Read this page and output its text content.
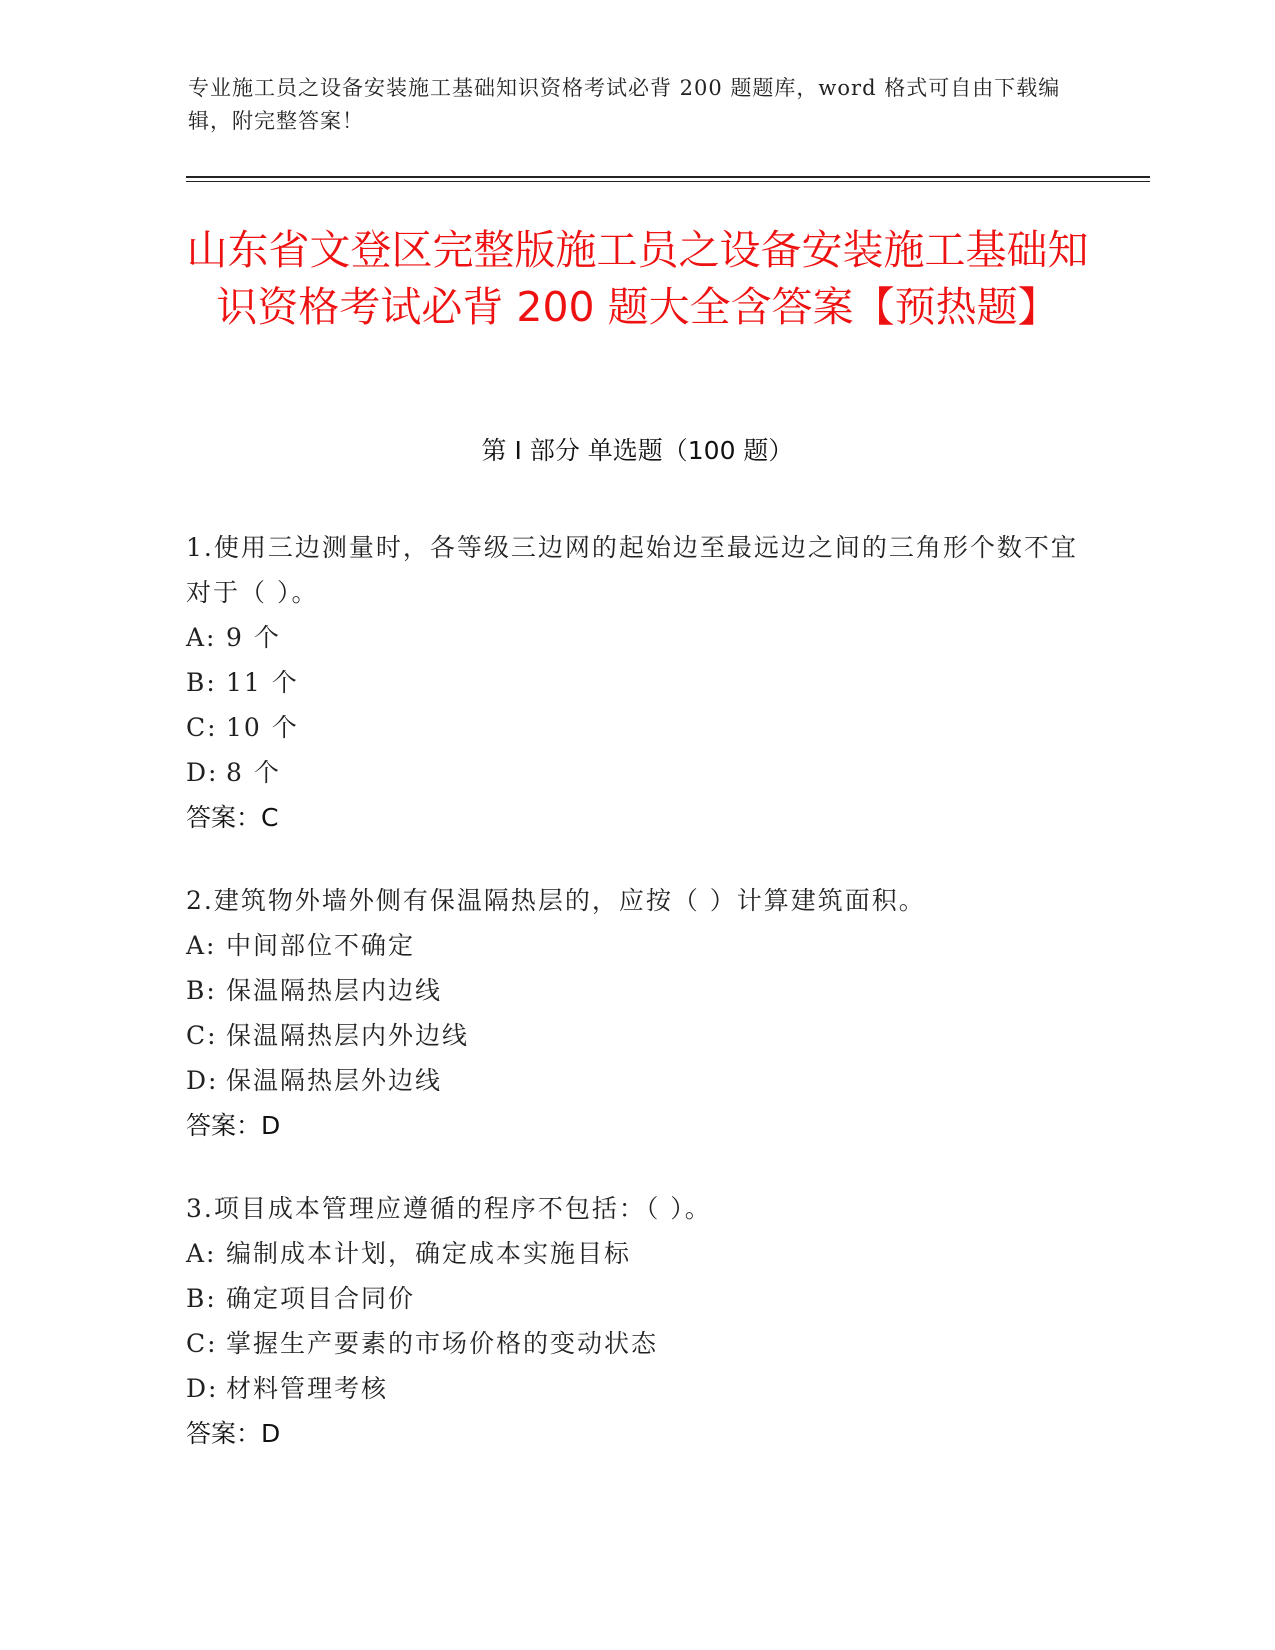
专业施工员之设备安装施工基础知识资格考试必背 200 题题库，word 格式可自由下载编辑，附完整答案！
山东省文登区完整版施工员之设备安装施工基础知识资格考试必背 200 题大全含答案【预热题】
第 I 部分 单选题（100 题）
1.使用三边测量时，各等级三边网的起始边至最远边之间的三角形个数不宜对于（ ）。
A: 9 个
B: 11 个
C: 10 个
D: 8 个
答案：C
2.建筑物外墙外侧有保温隔热层的，应按（ ）计算建筑面积。
A: 中间部位不确定
B: 保温隔热层内边线
C: 保温隔热层内外边线
D: 保温隔热层外边线
答案：D
3.项目成本管理应遵循的程序不包括：（ ）。
A: 编制成本计划，确定成本实施目标
B: 确定项目合同价
C: 掌握生产要素的市场价格的变动状态
D: 材料管理考核
答案：D
